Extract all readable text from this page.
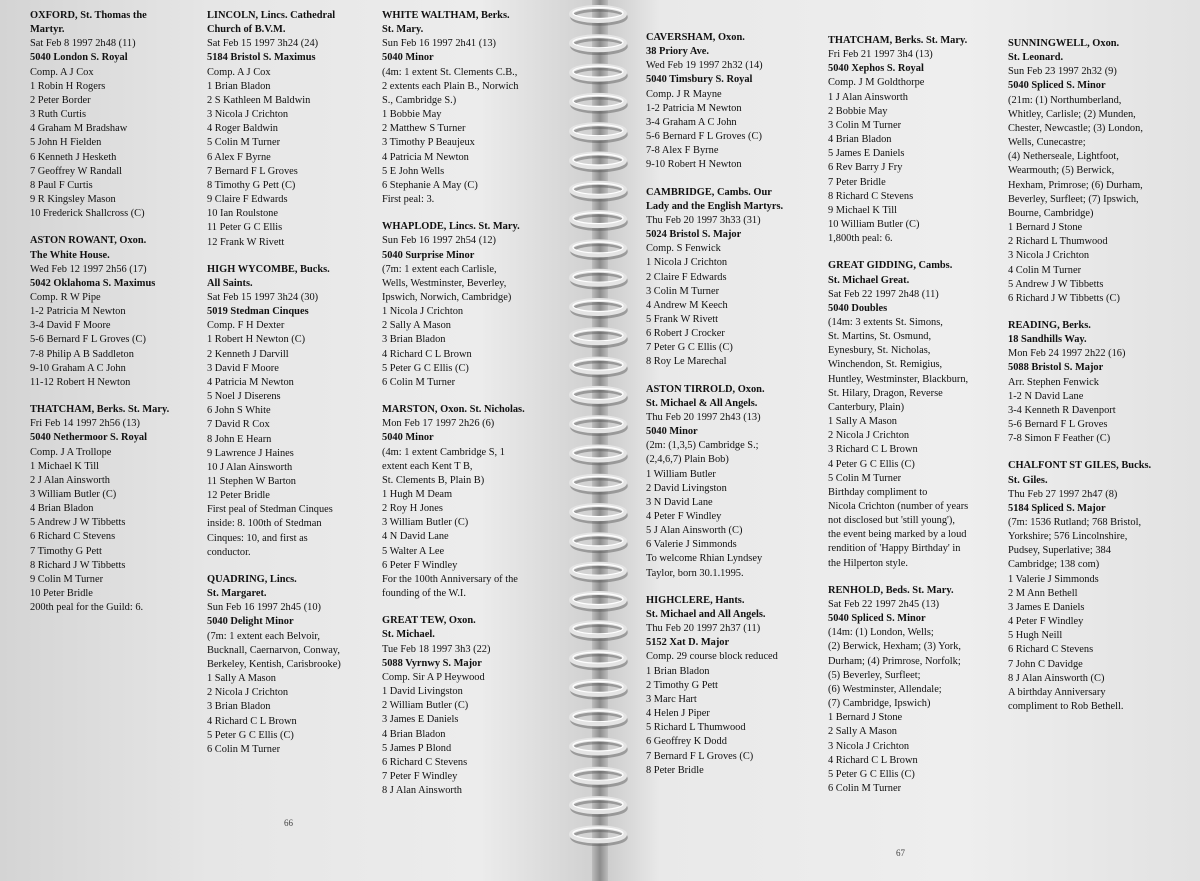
OXFORD, St. Thomas the
Martyr.
Sat Feb 8 1997 2h48 (11)
5040 London S. Royal
Comp. A J Cox
1 Robin H Rogers
2 Peter Border
3 Ruth Curtis
4 Graham M Bradshaw
5 John H Fielden
6 Kenneth J Hesketh
7 Geoffrey W Randall
8 Paul F Curtis
9 R Kingsley Mason
10 Frederick Shallcross (C)
ASTON ROWANT, Oxon.
The White House.
Wed Feb 12 1997 2h56 (17)
5042 Oklahoma S. Maximus
Comp. R W Pipe
1-2 Patricia M Newton
3-4 David F Moore
5-6 Bernard F L Groves (C)
7-8 Philip A B Saddleton
9-10 Graham A C John
11-12 Robert H Newton
THATCHAM, Berks. St. Mary.
Fri Feb 14 1997 2h56 (13)
5040 Nethermoor S. Royal
Comp. J A Trollope
1 Michael K Till
2 J Alan Ainsworth
3 William Butler (C)
4 Brian Bladon
5 Andrew J W Tibbetts
6 Richard C Stevens
7 Timothy G Pett
8 Richard J W Tibbetts
9 Colin M Turner
10 Peter Bridle
200th peal for the Guild: 6.
LINCOLN, Lincs. Cathedral
Church of B.V.M.
Sat Feb 15 1997 3h24 (24)
5184 Bristol S. Maximus
Comp. A J Cox
1 Brian Bladon
2 S Kathleen M Baldwin
3 Nicola J Crichton
4 Roger Baldwin
5 Colin M Turner
6 Alex F Byrne
7 Bernard F L Groves
8 Timothy G Pett (C)
9 Claire F Edwards
10 Ian Roulstone
11 Peter G C Ellis
12 Frank W Rivett
HIGH WYCOMBE, Bucks.
All Saints.
Sat Feb 15 1997 3h24 (30)
5019 Stedman Cinques
Comp. F H Dexter
1 Robert H Newton (C)
2 Kenneth J Darvill
3 David F Moore
4 Patricia M Newton
5 Noel J Diserens
6 John S White
7 David R Cox
8 John E Hearn
9 Lawrence J Haines
10 J Alan Ainsworth
11 Stephen W Barton
12 Peter Bridle
First peal of Stedman Cinques
inside: 8. 100th of Stedman
Cinques: 10, and first as
conductor.
QUADRING, Lincs.
St. Margaret.
Sun Feb 16 1997 2h45 (10)
5040 Delight Minor
(7m: 1 extent each Belvoir,
Bucknall, Caernarvon, Conway,
Berkeley, Kentish, Carisbrooke)
1 Sally A Mason
2 Nicola J Crichton
3 Brian Bladon
4 Richard C L Brown
5 Peter G C Ellis (C)
6 Colin M Turner
WHITE WALTHAM, Berks.
St. Mary.
Sun Feb 16 1997 2h41 (13)
5040 Minor
(4m: 1 extent St. Clements C.B.,
2 extents each Plain B., Norwich
S., Cambridge S.)
1 Bobbie May
2 Matthew S Turner
3 Timothy P Beaujeux
4 Patricia M Newton
5 E John Wells
6 Stephanie A May (C)
First peal: 3.
WHAPLODE, Lincs. St. Mary.
Sun Feb 16 1997 2h54 (12)
5040 Surprise Minor
(7m: 1 extent each Carlisle,
Wells, Westminster, Beverley,
Ipswich, Norwich, Cambridge)
1 Nicola J Crichton
2 Sally A Mason
3 Brian Bladon
4 Richard C L Brown
5 Peter G C Ellis (C)
6 Colin M Turner
MARSTON, Oxon. St. Nicholas.
Mon Feb 17 1997 2h26 (6)
5040 Minor
(4m: 1 extent Cambridge S, 1
extent each Kent T B,
St. Clements B, Plain B)
1 Hugh M Deam
2 Roy H Jones
3 William Butler (C)
4 N David Lane
5 Walter A Lee
6 Peter F Windley
For the 100th Anniversary of the
founding of the W.I.
GREAT TEW, Oxon.
St. Michael.
Tue Feb 18 1997 3h3 (22)
5088 Vyrnwy S. Major
Comp. Sir A P Heywood
1 David Livingston
2 William Butler (C)
3 James E Daniels
4 Brian Bladon
5 James P Blond
6 Richard C Stevens
7 Peter F Windley
8 J Alan Ainsworth
66
CAVERSHAM, Oxon.
38 Priory Ave.
Wed Feb 19 1997 2h32 (14)
5040 Timsbury S. Royal
Comp. J R Mayne
1-2 Patricia M Newton
3-4 Graham A C John
5-6 Bernard F L Groves (C)
7-8 Alex F Byrne
9-10 Robert H Newton
CAMBRIDGE, Cambs. Our
Lady and the English Martyrs.
Thu Feb 20 1997 3h33 (31)
5024 Bristol S. Major
Comp. S Fenwick
1 Nicola J Crichton
2 Claire F Edwards
3 Colin M Turner
4 Andrew M Keech
5 Frank W Rivett
6 Robert J Crocker
7 Peter G C Ellis (C)
8 Roy Le Marechal
ASTON TIRROLD, Oxon.
St. Michael & All Angels.
Thu Feb 20 1997 2h43 (13)
5040 Minor
(2m: (1,3,5) Cambridge S.;
(2,4,6,7) Plain Bob)
1 William Butler
2 David Livingston
3 N David Lane
4 Peter F Windley
5 J Alan Ainsworth (C)
6 Valerie J Simmonds
To welcome Rhian Lyndsey
Taylor, born 30.1.1995.
HIGHCLERE, Hants.
St. Michael and All Angels.
Thu Feb 20 1997 2h37 (11)
5152 Xat D. Major
Comp. 29 course block reduced
1 Brian Bladon
2 Timothy G Pett
3 Marc Hart
4 Helen J Piper
5 Richard L Thumwood
6 Geoffrey K Dodd
7 Bernard F L Groves (C)
8 Peter Bridle
THATCHAM, Berks. St. Mary.
Fri Feb 21 1997 3h4 (13)
5040 Xephos S. Royal
Comp. J M Goldthorpe
1 J Alan Ainsworth
2 Bobbie May
3 Colin M Turner
4 Brian Bladon
5 James E Daniels
6 Rev Barry J Fry
7 Peter Bridle
8 Richard C Stevens
9 Michael K Till
10 William Butler (C)
1,800th peal: 6.
GREAT GIDDING, Cambs.
St. Michael Great.
Sat Feb 22 1997 2h48 (11)
5040 Doubles
(14m: 3 extents St. Simons,
St. Martins, St. Osmund,
Eynesbury, St. Nicholas,
Winchendon, St. Remigius,
Huntley, Westminster, Blackburn,
St. Hilary, Dragon, Reverse
Canterbury, Plain)
1 Sally A Mason
2 Nicola J Crichton
3 Richard C L Brown
4 Peter G C Ellis (C)
5 Colin M Turner
Birthday compliment to
Nicola Crichton (number of years
not disclosed but 'still young'),
the event being marked by a loud
rendition of 'Happy Birthday' in
the Hilperton style.
RENHOLD, Beds. St. Mary.
Sat Feb 22 1997 2h45 (13)
5040 Spliced S. Minor
(14m: (1) London, Wells;
(2) Berwick, Hexham; (3) York,
Durham; (4) Primrose, Norfolk;
(5) Beverley, Surfleet;
(6) Westminster, Allendale;
(7) Cambridge, Ipswich)
1 Bernard J Stone
2 Sally A Mason
3 Nicola J Crichton
4 Richard C L Brown
5 Peter G C Ellis (C)
6 Colin M Turner
SUNNINGWELL, Oxon.
St. Leonard.
Sun Feb 23 1997 2h32 (9)
5040 Spliced S. Minor
(21m: (1) Northumberland,
Whitley, Carlisle; (2) Munden,
Chester, Newcastle; (3) London,
Wells, Cunecastre;
(4) Netherseale, Lightfoot,
Wearmouth; (5) Berwick,
Hexham, Primrose; (6) Durham,
Beverley, Surfleet; (7) Ipswich,
Bourne, Cambridge)
1 Bernard J Stone
2 Richard L Thumwood
3 Nicola J Crichton
4 Colin M Turner
5 Andrew J W Tibbetts
6 Richard J W Tibbetts (C)
READING, Berks.
18 Sandhills Way.
Mon Feb 24 1997 2h22 (16)
5088 Bristol S. Major
Arr. Stephen Fenwick
1-2 N David Lane
3-4 Kenneth R Davenport
5-6 Bernard F L Groves
7-8 Simon F Feather (C)
CHALFONT ST GILES, Bucks.
St. Giles.
Thu Feb 27 1997 2h47 (8)
5184 Spliced S. Major
(7m: 1536 Rutland; 768 Bristol,
Yorkshire; 576 Lincolnshire,
Pudsey, Superlative; 384
Cambridge; 138 com)
1 Valerie J Simmonds
2 M Ann Bethell
3 James E Daniels
4 Peter F Windley
5 Hugh Neill
6 Richard C Stevens
7 John C Davidge
8 J Alan Ainsworth (C)
A birthday Anniversary
compliment to Rob Bethell.
67
